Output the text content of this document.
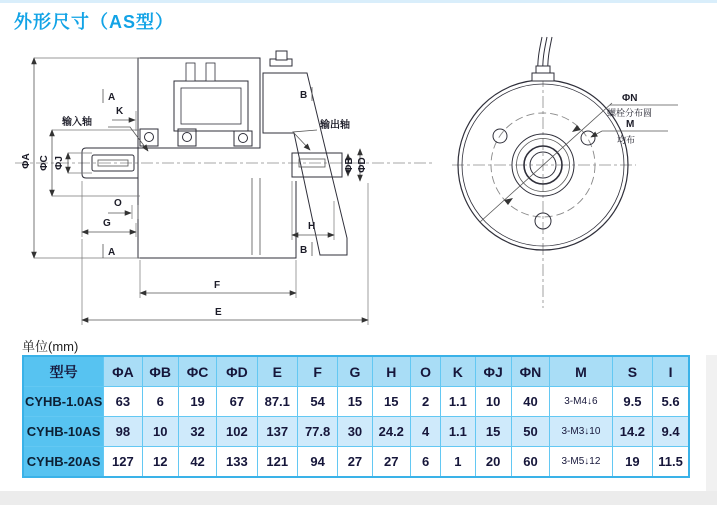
外形尺寸（AS型）
ΦA ΦC ΦJ
输入轴
K
A
A
B
B
输出轴
ΦB ΦD
O
G	H
F
E
ΦN
螺栓分布圆
M
均布
单位(mm)
型号	ΦA	ΦB	ΦC	ΦD	E	F	G	H	O	K	ΦJ	ΦN	M	S	I
CYHB-1.0AS	63	6	19	67	87.1	54	15	15	2	1.1	10	40	3-M4↓6	9.5	5.6
CYHB-10AS	98	10	32	102	137	77.8	30	24.2	4	1.1	15	50	3-M3↓10	14.2	9.4
CYHB-20AS	127	12	42	133	121	94	27	27	6	1	20	60	3-M5↓12	19	11.5
